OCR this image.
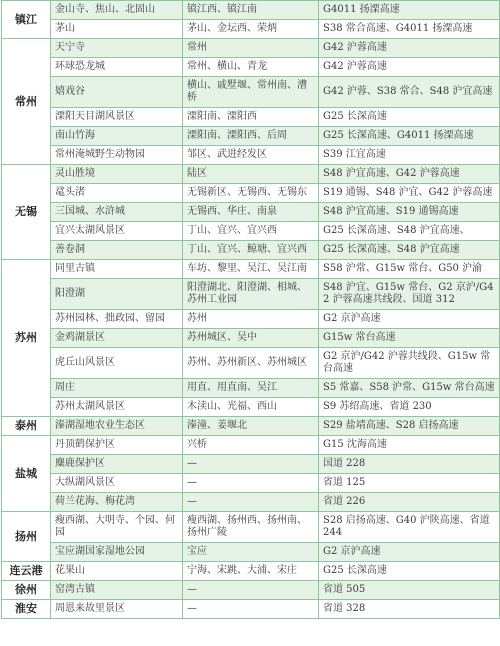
镇江	金山寺、焦山、北固山	镇江西、镇江南	G4011 扬溧高速
	茅山	茅山、金坛西、荣炳	S38 常合高速、G4011 扬溧高速
常州	天宁寺	常州	G42 沪蓉高速
	环球恐龙城	常州、横山、青龙	G42 沪蓉高速
	嬉戏谷	横山、戚墅堰、常州南、漕桥	G42 沪蓉、S38 常合、S48 沪宜高速
	溧阳天目湖风景区	溧阳南、溧阳西	G25 长深高速
	南山竹海	溧阳南、溧阳西、后周	G25 长深高速、G4011 扬溧高速
	常州淹城野生动物园	邹区、武进经发区	S39 江宜高速
无锡	灵山胜境	陆区	S48 沪宜高速、G42 沪蓉高速
	鼋头渚	无锡新区、无锡西、无锡东	S19 通锡、S48 沪宜、G42 沪蓉高速
	三国城、水浒城	无锡西、华庄、南泉	S48 沪宜高速、S19 通锡高速
	宜兴太湖风景区	丁山、宜兴、宜兴西	G25 长深高速、S48 沪宜高速、
	善卷洞	丁山、宜兴、鲸塘、宜兴西	G25 长深高速、S48 沪宜高速
苏州	同里古镇	车坊、黎里、吴江、吴江南	S58 沪常、G15w 常台、G50 沪渝
	阳澄湖	阳澄湖北、阳澄湖、相城、苏州工业园	S48 沪宜、G15w 常台、G2 京沪/G42 沪蓉高速共线段、国道 312
	苏州园林、拙政园、留园	苏州	G2 京沪高速
	金鸡湖景区	苏州城区、吴中	G15w 常台高速
	虎丘山风景区	苏州、苏州新区、苏州城区	G2 京沪/G42 沪蓉共线段、G15w 常台高速
	周庄	用直、用直南、吴江	S5 常嘉、S58 沪常、G15w 常台高速
	苏州太湖风景区	木渎山、光福、西山	S9 苏绍高速、省道 230
泰州	溱湖湿地农业生态区	溱潼、姜堰北	S29 盐靖高速、S28 启扬高速
盐城	丹顶鹤保护区	兴桥	G15 沈海高速
	麋鹿保护区	—	国道 228
	大纵湖风景区	—	省道 125
	荷兰花海、梅花湾	—	省道 226
扬州	瘦西湖、大明寺、个园、何园	瘦西湖、扬州西、扬州南、扬州广陵	S28 启扬高速、G40 沪陕高速、省道 244
	宝应湖国家湿地公园	宝应	G2 京沪高速
连云港	花果山	宁海、宋跳、大浦、宋庄	G25 长深高速
徐州	窑湾古镇	—	省道 505
淮安	周恩来故里景区	—	省道 328
